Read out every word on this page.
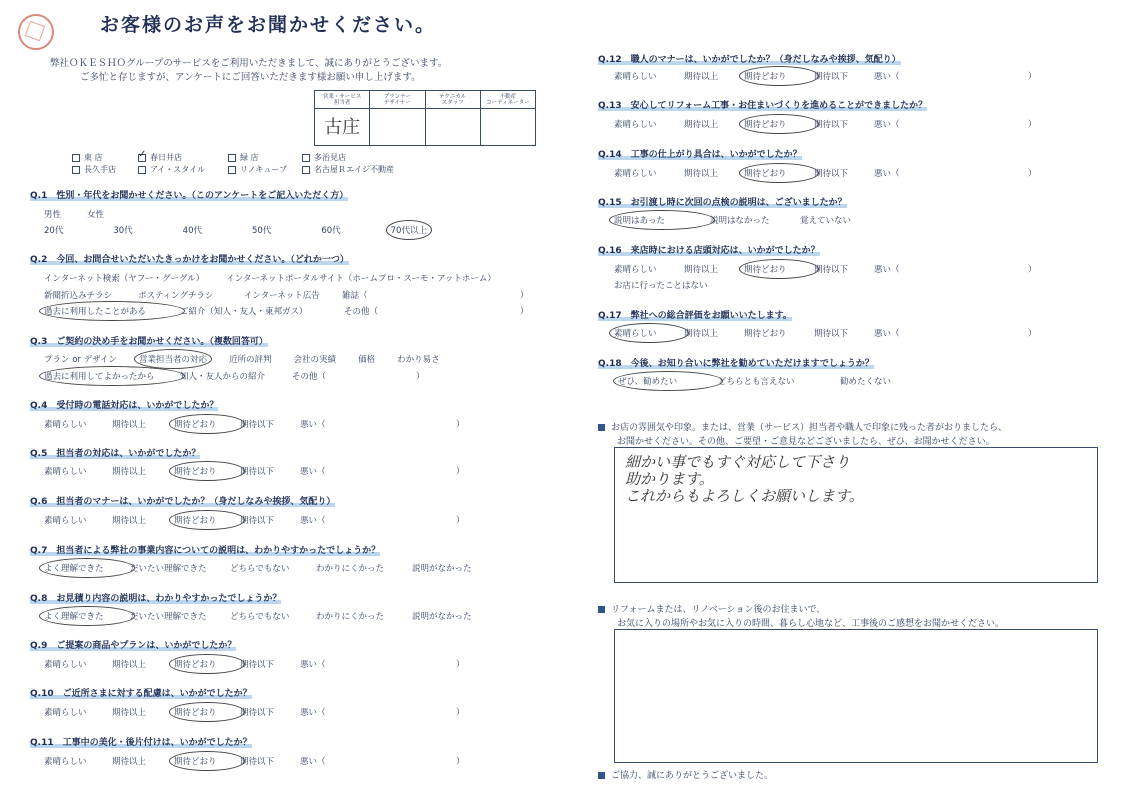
お客様のお声をお聞かせください。
弊社ＯＫＥＳＨＯグループのサービスをご利用いただきまして、誠にありがとうございます。
ご多忙と存じますが、アンケートにご回答いただきます様お願い申し上げます。
営業・サービス
担当者
古庄
プランナー
デザイナー
テクニカル
スタッフ
不動産
コーディネーター
東 店
✓	春日井店	緑 店	多治見店
長久手店	アイ・スタイル	リノキューブ	名古屋Ｒエイジ不動産
Q.1　性別・年代をお聞かせください。（このアンケートをご記入いただく方）
男性	女性
20代	30代	40代	50代	60代	70代以上
Q.2　今回、お問合せいただいたきっかけをお聞かせください。（どれか一つ）
インターネット検索（ヤフー・グーグル）	インターネットポータルサイト（ホームプロ・スーモ・アットホーム）
新聞折込みチラシ	ポスティングチラシ	インターネット広告	雑誌（	）
過去に利用したことがある	ご紹介（知人・友人・東邦ガス）	その他（	）
Q.3　ご契約の決め手をお聞かせください。（複数回答可）
プラン or デザイン	営業担当者の対応	近所の評判	会社の実績	価格	わかり易さ
過去に利用してよかったから	知人・友人からの紹介	その他（	）
Q.4　受付時の電話対応は、いかがでしたか？
素晴らしい	期待以上	期待どおり	期待以下	悪い（	）
Q.5　担当者の対応は、いかがでしたか？
素晴らしい	期待以上	期待どおり	期待以下	悪い（	）
Q.6　担当者のマナーは、いかがでしたか？（身だしなみや挨拶、気配り）
素晴らしい	期待以上	期待どおり	期待以下	悪い（	）
Q.7　担当者による弊社の事業内容についての説明は、わかりやすかったでしょうか？
よく理解できた	だいたい理解できた	どちらでもない	わかりにくかった	説明がなかった
Q.8　お見積り内容の説明は、わかりやすかったでしょうか？
よく理解できた	だいたい理解できた	どちらでもない	わかりにくかった	説明がなかった
Q.9　ご提案の商品やプランは、いかがでしたか？
素晴らしい	期待以上	期待どおり	期待以下	悪い（	）
Q.10　ご近所さまに対する配慮は、いかがでしたか？
素晴らしい	期待以上	期待どおり	期待以下	悪い（	）
Q.11　工事中の美化・後片付けは、いかがでしたか？
素晴らしい	期待以上	期待どおり	期待以下	悪い（	）
Q.12　職人のマナーは、いかがでしたか？（身だしなみや挨拶、気配り）
素晴らしい	期待以上	期待どおり	期待以下	悪い（	）
Q.13　安心してリフォーム工事・お住まいづくりを進めることができましたか？
素晴らしい	期待以上	期待どおり	期待以下	悪い（	）
Q.14　工事の仕上がり具合は、いかがでしたか？
素晴らしい	期待以上	期待どおり	期待以下	悪い（	）
Q.15　お引渡し時に次回の点検の説明は、ございましたか？
説明はあった	説明はなかった	覚えていない
Q.16　来店時における店頭対応は、いかがでしたか？
素晴らしい	期待以上	期待どおり	期待以下	悪い（	）
お店に行ったことはない
Q.17　弊社への総合評価をお願いいたします。
素晴らしい	期待以上	期待どおり	期待以下	悪い（	）
Q.18　今後、お知り合いに弊社を勧めていただけますでしょうか？
ぜひ、勧めたい	どちらとも言えない	勧めたくない
お店の雰囲気や印象。または、営業（サービス）担当者や職人で印象に残った者がおりましたら、
お聞かせください。その他、ご要望・ご意見などございましたら、ぜひ、お聞かせください。
細かい事でもすぐ対応して下さり
助かります。
これからもよろしくお願いします。
リフォームまたは、リノベーション後のお住まいで、
お気に入りの場所やお気に入りの時間、暮らし心地など、工事後のご感想をお聞かせください。
ご協力、誠にありがとうございました。
